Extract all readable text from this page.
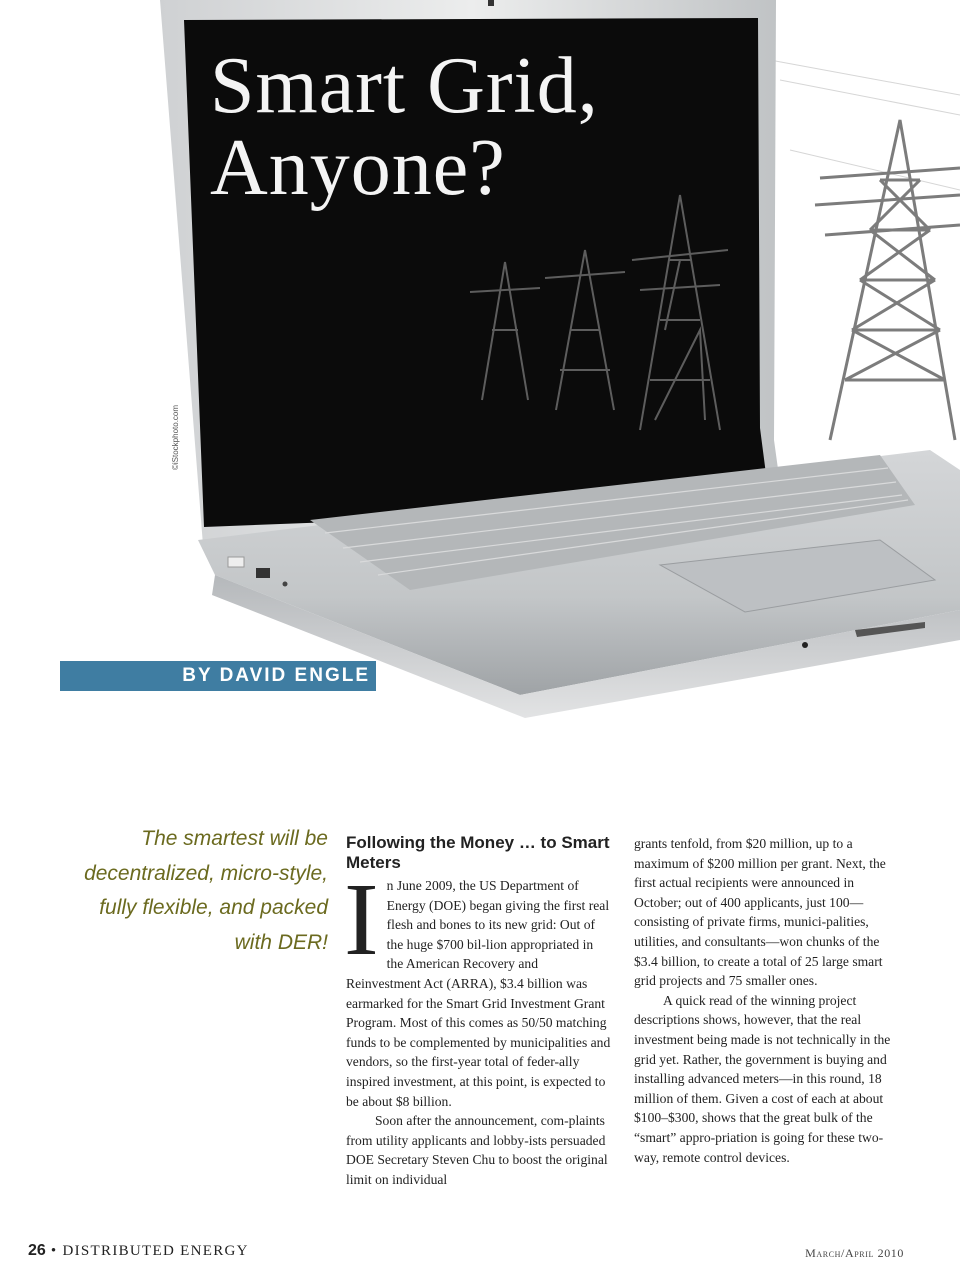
Smart Grid,
Anyone?
©iStockphoto.com
BY DAVID ENGLE
The smartest will be decentralized, micro-style, fully flexible, and packed with DER!
Following the Money … to Smart Meters
I n June 2009, the US Department of Energy (DOE) began giving the first real flesh and bones to its new grid: Out of the huge $700 bil-lion appropriated in the American Recovery and Reinvestment Act (ARRA), $3.4 billion was earmarked for the Smart Grid Investment Grant Program. Most of this comes as 50/50 matching funds to be complemented by municipalities and vendors, so the first-year total of feder-ally inspired investment, at this point, is expected to be about $8 billion.

Soon after the announcement, com-plaints from utility applicants and lobby-ists persuaded DOE Secretary Steven Chu to boost the original limit on individual

grants tenfold, from $20 million, up to a maximum of $200 million per grant. Next, the first actual recipients were announced in October; out of 400 applicants, just 100—consisting of private firms, munici-palities, utilities, and consultants—won chunks of the $3.4 billion, to create a total of 25 large smart grid projects and 75 smaller ones.

A quick read of the winning project descriptions shows, however, that the real investment being made is not technically in the grid yet. Rather, the government is buying and installing advanced meters—in this round, 18 million of them. Given a cost of each at about $100–$300, shows that the great bulk of the “smart” appro-priation is going for these two-way, remote control devices.

26 • DISTRIBUTED ENERGY	March/April 2010
